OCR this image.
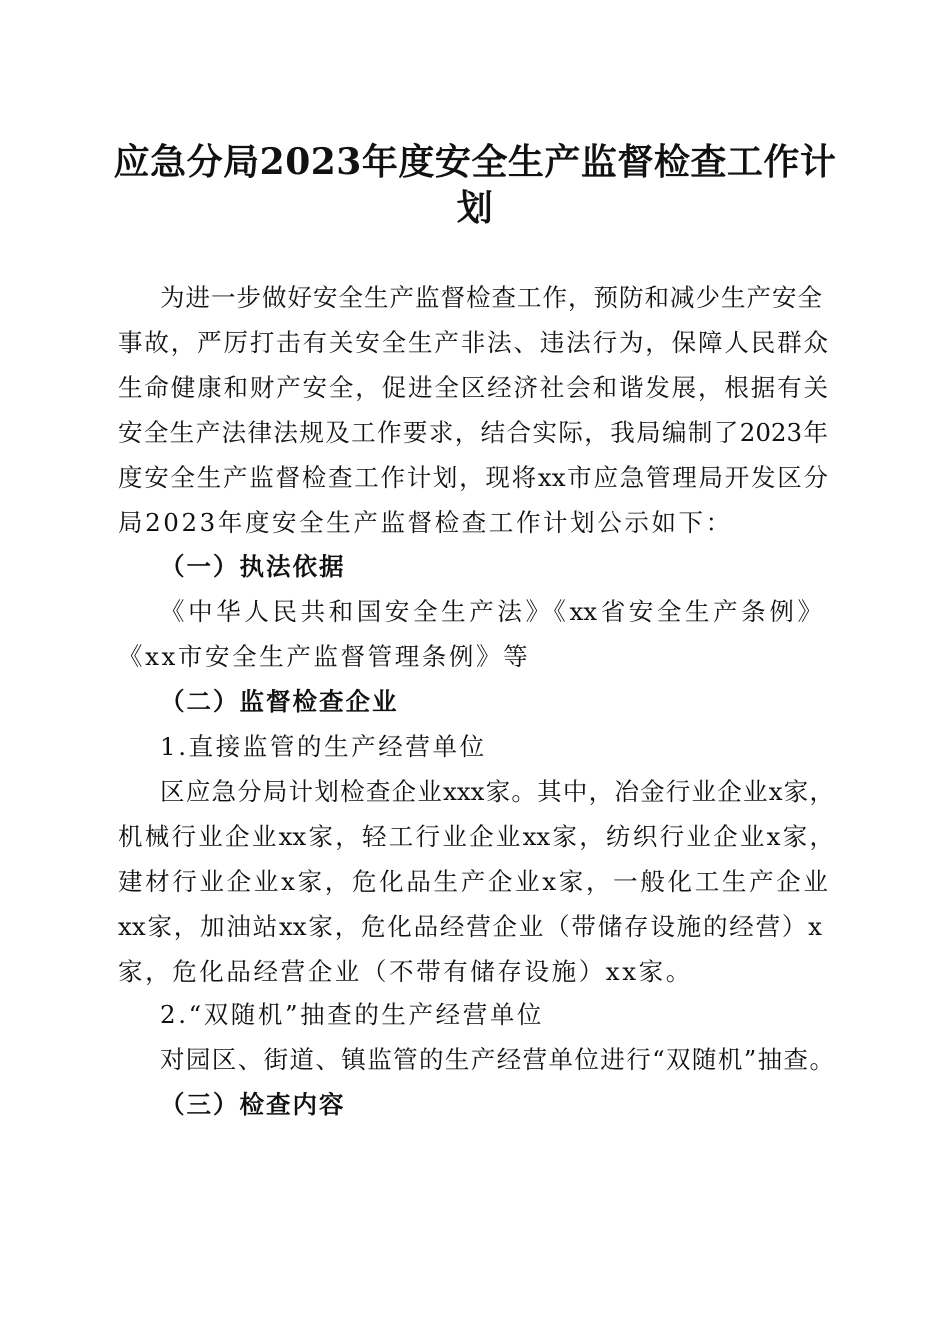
应急分局2023年度安全生产监督检查工作计
划
为进一步做好安全生产监督检查工作，预防和减少生产安全
事故，严厉打击有关安全生产非法、违法行为，保障人民群众
生命健康和财产安全，促进全区经济社会和谐发展，根据有关
安全生产法律法规及工作要求，结合实际，我局编制了2023年
度安全生产监督检查工作计划，现将xx市应急管理局开发区分
局2023年度安全生产监督检查工作计划公示如下：
（一）执法依据
《中华人民共和国安全生产法》《xx省安全生产条例》
《xx市安全生产监督管理条例》等
（二）监督检查企业
1.直接监管的生产经营单位
区应急分局计划检查企业xxx家。其中，冶金行业企业x家，
机械行业企业xx家，轻工行业企业xx家，纺织行业企业x家，
建材行业企业x家，危化品生产企业x家，一般化工生产企业
xx家，加油站xx家，危化品经营企业（带储存设施的经营）x
家，危化品经营企业（不带有储存设施）xx家。
2.“双随机”抽查的生产经营单位
对园区、街道、镇监管的生产经营单位进行“双随机”抽查。
（三）检查内容
